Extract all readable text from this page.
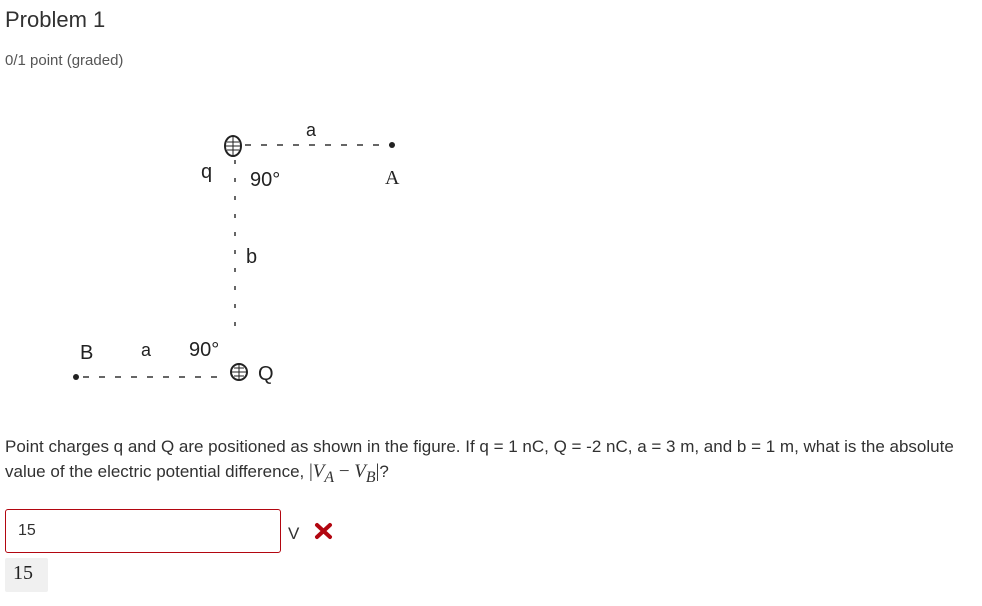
Problem 1
0/1 point (graded)
a
q 90°	A
b
B	a 90°
Q
Point charges q and Q are positioned as shown in the figure. If q = 1 nC, Q = -2 nC, a = 3 m, and b = 1 m, what is the absolute value of the electric potential difference, $|V_A - V_B|$?
15
V
15
